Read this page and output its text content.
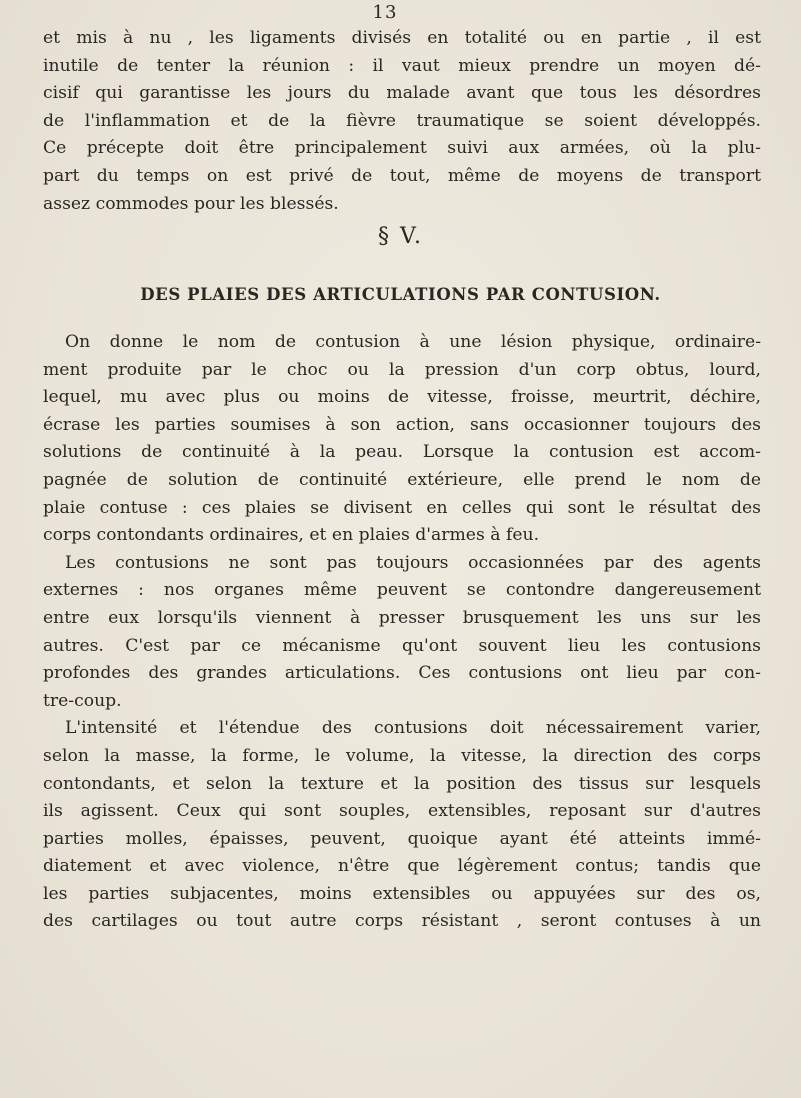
13
et mis à nu , les ligaments divisés en totalité ou en partie , il est
inutile de tenter la réunion : il vaut mieux prendre un moyen dé-
cisif qui garantisse les jours du malade avant que tous les désordres
de l'inflammation et de la fièvre traumatique se soient développés.
Ce précepte doit être principalement suivi aux armées, où la plu-
part du temps on est privé de tout, même de moyens de transport
assez commodes pour les blessés.
§ V.
DES PLAIES DES ARTICULATIONS PAR CONTUSION.
On donne le nom de contusion à une lésion physique, ordinaire-
ment produite par le choc ou la pression d'un corp obtus, lourd,
lequel, mu avec plus ou moins de vitesse, froisse, meurtrit, déchire,
écrase les parties soumises à son action, sans occasionner toujours des
solutions de continuité à la peau. Lorsque la contusion est accom-
pagnée de solution de continuité extérieure, elle prend le nom de
plaie contuse : ces plaies se divisent en celles qui sont le résultat des
corps contondants ordinaires, et en plaies d'armes à feu.
Les contusions ne sont pas toujours occasionnées par des agents
externes : nos organes même peuvent se contondre dangereusement
entre eux lorsqu'ils viennent à presser brusquement les uns sur les
autres. C'est par ce mécanisme qu'ont souvent lieu les contusions
profondes des grandes articulations. Ces contusions ont lieu par con-
tre-coup.
L'intensité et l'étendue des contusions doit nécessairement varier,
selon la masse, la forme, le volume, la vitesse, la direction des corps
contondants, et selon la texture et la position des tissus sur lesquels
ils agissent. Ceux qui sont souples, extensibles, reposant sur d'autres
parties molles, épaisses, peuvent, quoique ayant été atteints immé-
diatement et avec violence, n'être que légèrement contus; tandis que
les parties subjacentes, moins extensibles ou appuyées sur des os,
des cartilages ou tout autre corps résistant , seront contuses à un
